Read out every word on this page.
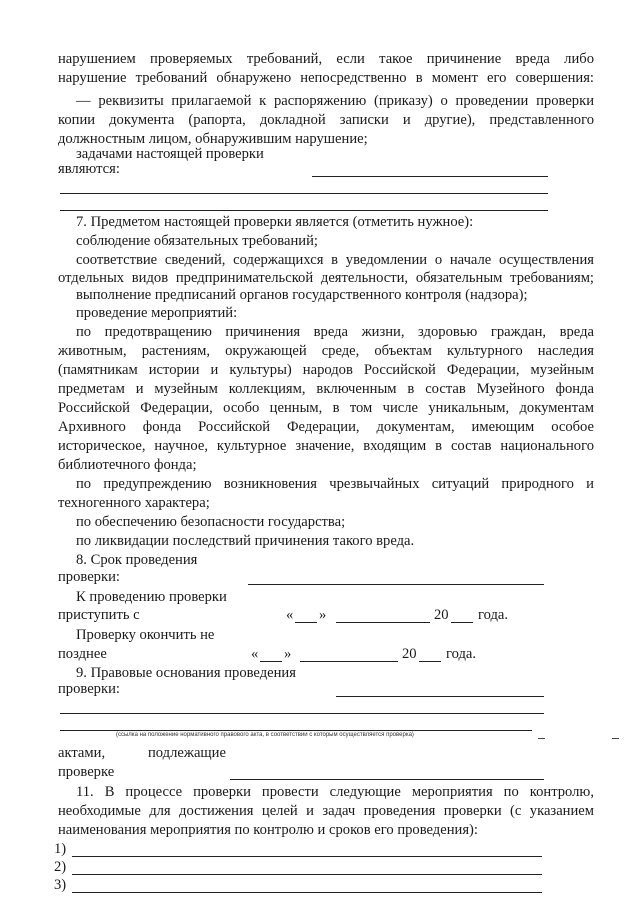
нарушением проверяемых требований, если такое причинение вреда либо
нарушение требований обнаружено непосредственно в момент его совершения:
— реквизиты прилагаемой к распоряжению (приказу) о проведении проверки
копии документа (рапорта, докладной записки и другие), представленного
должностным лицом, обнаружившим нарушение;
задачами настоящей проверки
являются:
7. Предметом настоящей проверки является (отметить нужное):
соблюдение обязательных требований;
соответствие сведений, содержащихся в уведомлении о начале осуществления
отдельных видов предпринимательской деятельности, обязательным требованиям;
выполнение предписаний органов государственного контроля (надзора);
проведение мероприятий:
по предотвращению причинения вреда жизни, здоровью граждан, вреда
животным, растениям, окружающей среде, объектам культурного наследия
(памятникам истории и культуры) народов Российской Федерации, музейным
предметам и музейным коллекциям, включенным в состав Музейного фонда
Российской Федерации, особо ценным, в том числе уникальным, документам
Архивного фонда Российской Федерации, документам, имеющим особое
историческое, научное, культурное значение, входящим в состав национального
библиотечного фонда;
по предупреждению возникновения чрезвычайных ситуаций природного и
техногенного характера;
по обеспечению безопасности государства;
по ликвидации последствий причинения такого вреда.
8. Срок проведения
проверки:
К проведению проверки
приступить с	« »	20 года.
Проверку окончить не
позднее	« »	20 года.
9. Правовые основания проведения
проверки:
(ссылка на положение нормативного правового акта, в соответствии с которым осуществляется проверка)
актами,	подлежащие
проверке
11. В процессе проверки провести следующие мероприятия по контролю,
необходимые для достижения целей и задач проведения проверки (с указанием
наименования мероприятия по контролю и сроков его проведения):
1)
2)
3)
